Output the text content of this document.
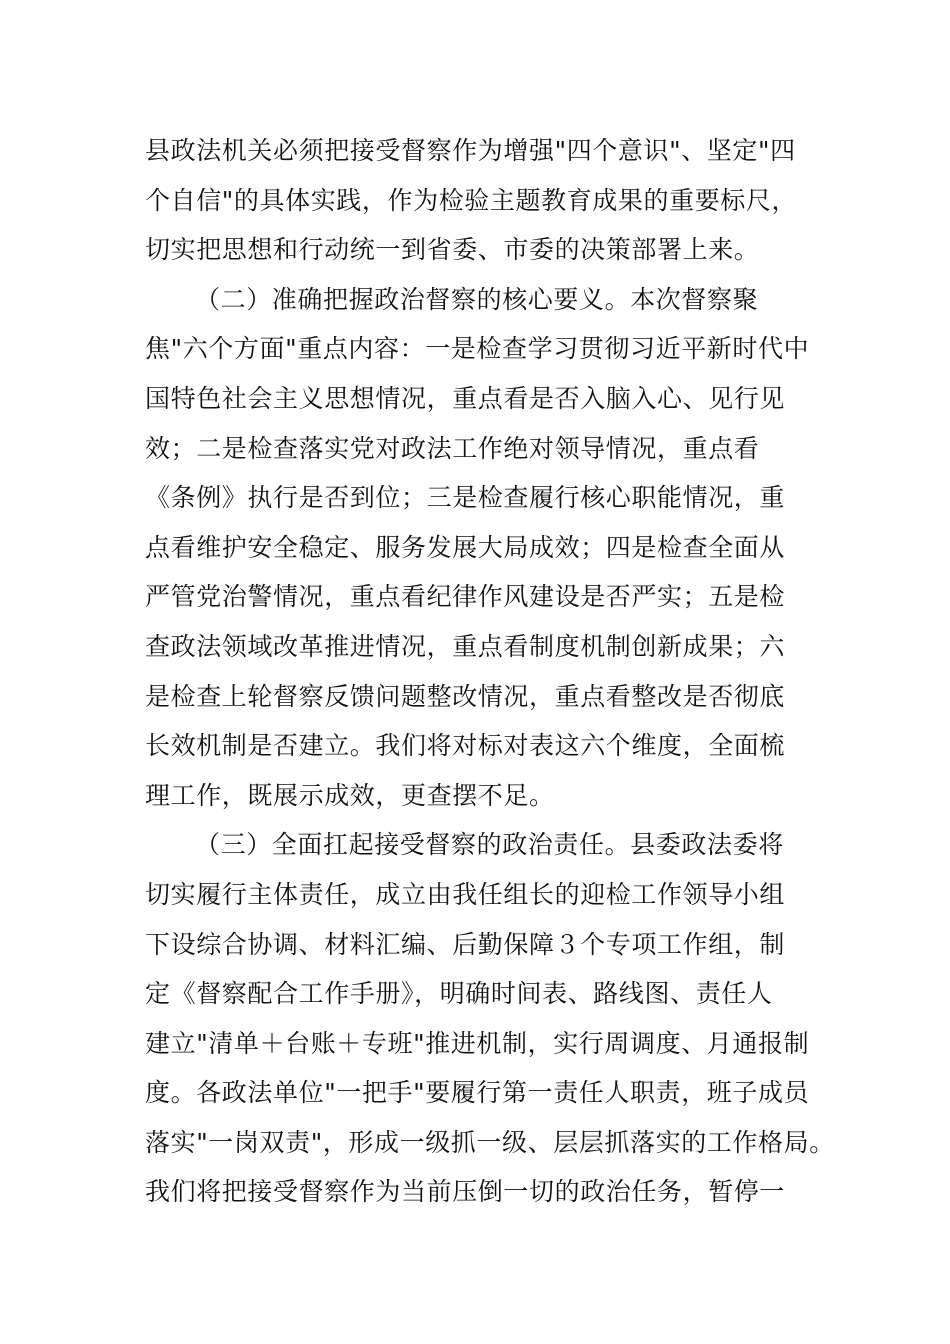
县政法机关必须把接受督察作为增强"四个意识"、坚定"四
个自信"的具体实践，作为检验主题教育成果的重要标尺，
切实把思想和行动统一到省委、市委的决策部署上来。
（二）准确把握政治督察的核心要义。本次督察聚
焦"六个方面"重点内容：一是检查学习贯彻习近平新时代中
国特色社会主义思想情况，重点看是否入脑入心、见行见
效；二是检查落实党对政法工作绝对领导情况，重点看
《条例》执行是否到位；三是检查履行核心职能情况，重
点看维护安全稳定、服务发展大局成效；四是检查全面从
严管党治警情况，重点看纪律作风建设是否严实；五是检
查政法领域改革推进情况，重点看制度机制创新成果；六
是检查上轮督察反馈问题整改情况，重点看整改是否彻底
长效机制是否建立。我们将对标对表这六个维度，全面梳
理工作，既展示成效，更查摆不足。
（三）全面扛起接受督察的政治责任。县委政法委将
切实履行主体责任，成立由我任组长的迎检工作领导小组
下设综合协调、材料汇编、后勤保障３个专项工作组，制
定《督察配合工作手册》，明确时间表、路线图、责任人
建立"清单＋台账＋专班"推进机制，实行周调度、月通报制
度。各政法单位"一把手"要履行第一责任人职责，班子成员
落实"一岗双责"，形成一级抓一级、层层抓落实的工作格局。
我们将把接受督察作为当前压倒一切的政治任务，暂停一
